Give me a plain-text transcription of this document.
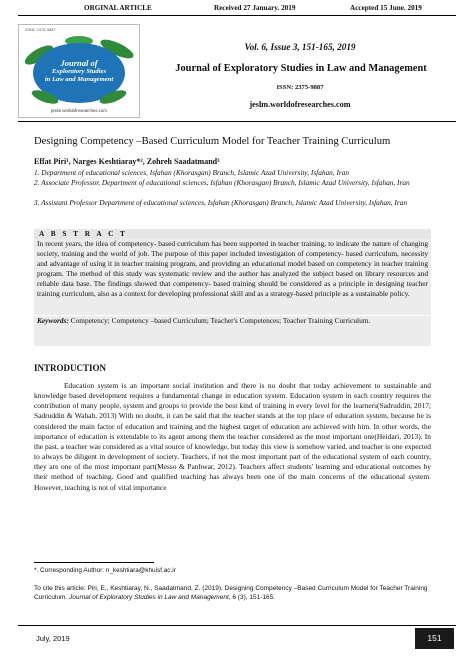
ORGINAL ARTICLE	Received 27 January. 2019	Accepted 15 June. 2019
ISSN: 2375-9887
Journal of
Exploratory Studies
in Law and Management
jeslm.worldofresearches.com
Vol. 6, Issue 3, 151-165, 2019
Journal of Exploratory Studies in Law and Management
ISSN: 2375-9887
jeslm.worldofresearches.com
Designing Competency –Based Curriculum Model for Teacher Training Curriculum
Effat Piri¹, Narges Keshtiaray*², Zohreh Saadatmand³
1. Department of educational sciences, Isfahan (Khorasgan) Branch, Islamic Azad University, Isfahan, Iran
2. Associate Professor, Department of educational sciences, Isfahan (Khorasgan) Branch, Islamic Azad University, Isfahan, Iran
3. Assistant Professor Department of educational sciences, Isfahan (Khorasgan) Branch, Islamic Azad University, Isfahan, Iran
A B S T R A C T
In recent years, the idea of competency- based curriculum has been supported in teacher training, to indicate the nature of changing society, training and the world of job. The purpose of this paper included investigation of competency- based curriculum, necessity and advantage of using it in teacher training program, and providing an educational model based on competency in teacher training program. The method of this study was systematic review and the author has analyzed the subject based on library resources and reliable data base. The findings showed that competency- based training should be considered as a principle in designing teacher training curriculum, also as a context for developing professional skill and as a strategy-based principle as a sustainable policy.
Keywords: Competency; Competency –based Curriculum; Teacher's Competences; Teacher Training Curriculum.
INTRODUCTION
Education system is an important social institution and there is no doubt that today achievement to sustainable and knowledge based development requires a fundamental change in education system. Education system in each country requires the contribution of many people, system and groups to provide the best kind of training in every level for the learners(Sadruddin, 2017; Sadruddin & Wahab, 2013) With no doubt, it can be said that the teacher stands at the top place of education system, because he is considered the main factor of education and training and the highest target of education are achieved with him. In other words, the importance of education is extendable to its agent among them the teacher considered as the most important one(Heidari, 2013). In the past, a teacher was considered as a vital source of knowledge, but today this view is somehow varied, and teacher is one expected to always be diligent in development of society. Teachers, if not the most important part of the educational system of each country, they are one of the most important part(Messo & Panhwar, 2012). Teachers affect students' learning and educational outcomes by their method of teaching. Good and qualified teaching has always been one of the main concerns of the educational system. However, teaching is not of vital importance
*. Corresponding Author: n_keshtiara@khuisf.ac.ir
To cite this article: Piri, E., Keshtiaray, N., Saadatmand, Z. (2019). Designing Competency –Based Curriculum Model for Teacher Training Curriculum. Journal of Exploratory Studies in Law and Management, 6 (3), 151-165.
July, 2019	151
